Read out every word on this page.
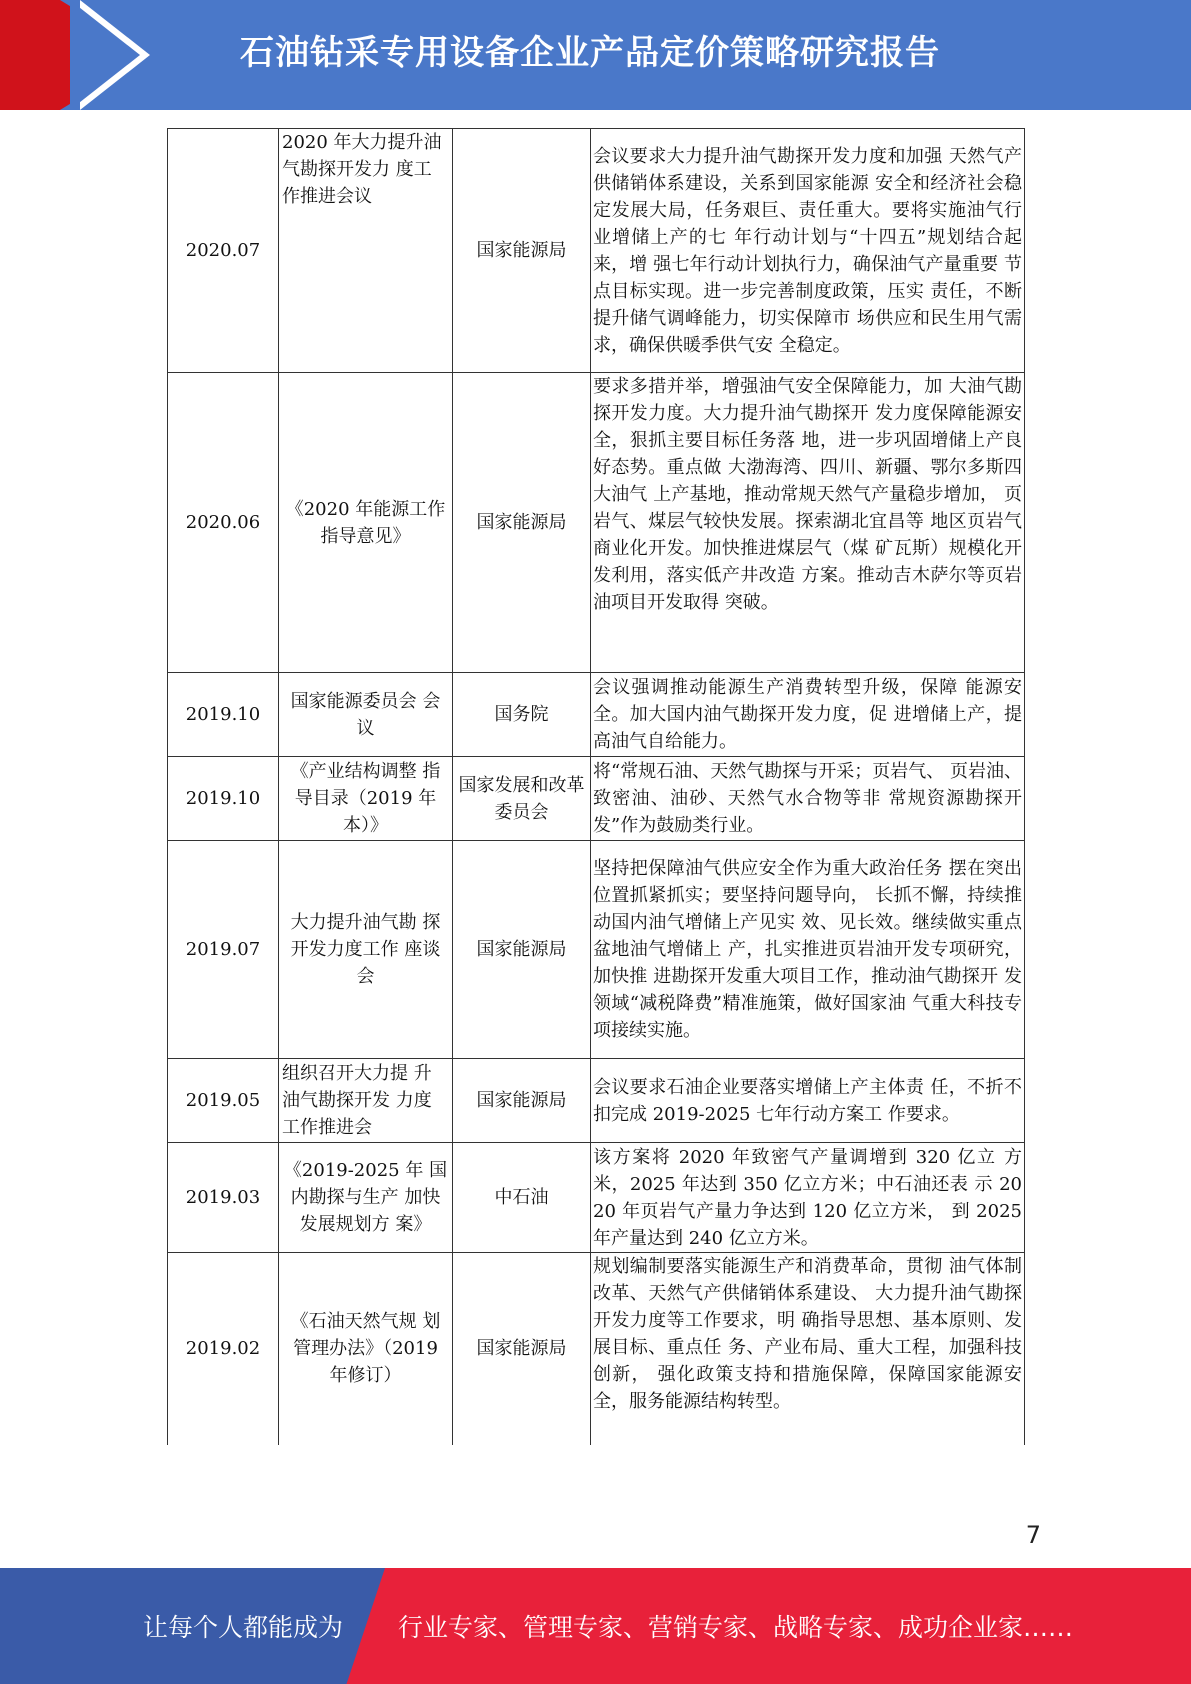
石油钻采专用设备企业产品定价策略研究报告
2020.07	2020 年大力提升油气勘探开发力 度工作推进会议	国家能源局	会议要求大力提升油气勘探开发力度和加强 天然气产供储销体系建设，关系到国家能源 安全和经济社会稳定发展大局，任务艰巨、责任重大。要将实施油气行业增储上产的七 年行动计划与“十四五”规划结合起来，增 强七年行动计划执行力，确保油气产量重要 节点目标实现。进一步完善制度政策，压实 责任，不断提升储气调峰能力，切实保障市 场供应和民生用气需求，确保供暖季供气安 全稳定。
2020.06	《2020 年能源工作指导意见》	国家能源局	要求多措并举，增强油气安全保障能力，加 大油气勘探开发力度。大力提升油气勘探开 发力度保障能源安全，狠抓主要目标任务落 地，进一步巩固增储上产良好态势。重点做 大渤海湾、四川、新疆、鄂尔多斯四大油气 上产基地，推动常规天然气产量稳步增加， 页岩气、煤层气较快发展。探索湖北宜昌等 地区页岩气商业化开发。加快推进煤层气（煤 矿瓦斯）规模化开发利用，落实低产井改造 方案。推动吉木萨尔等页岩油项目开发取得 突破。
2019.10	国家能源委员会 会议	国务院	会议强调推动能源生产消费转型升级，保障 能源安全。加大国内油气勘探开发力度，促 进增储上产，提高油气自给能力。
2019.10	《产业结构调整 指导目录（2019 年本）》	国家发展和改革委员会	将“常规石油、天然气勘探与开采；页岩气、 页岩油、致密油、油砂、天然气水合物等非 常规资源勘探开发”作为鼓励类行业。
2019.07	大力提升油气勘 探开发力度工作 座谈会	国家能源局	坚持把保障油气供应安全作为重大政治任务 摆在突出位置抓紧抓实；要坚持问题导向， 长抓不懈，持续推动国内油气增储上产见实 效、见长效。继续做实重点盆地油气增储上 产，扎实推进页岩油开发专项研究，加快推 进勘探开发重大项目工作，推动油气勘探开 发领域“减税降费”精准施策，做好国家油 气重大科技专项接续实施。
2019.05	组织召开大力提 升油气勘探开发 力度工作推进会	国家能源局	会议要求石油企业要落实增储上产主体责 任，不折不扣完成 2019-2025 七年行动方案工 作要求。
2019.03	《2019-2025 年 国内勘探与生产 加快发展规划方 案》	中石油	该方案将 2020 年致密气产量调增到 320 亿立 方米，2025 年达到 350 亿立方米；中石油还表 示 2020 年页岩气产量力争达到 120 亿立方米， 到 2025 年产量达到 240 亿立方米。
2019.02	《石油天然气规 划管理办法》（2019 年修订）	国家能源局	规划编制要落实能源生产和消费革命，贯彻 油气体制改革、天然气产供储销体系建设、 大力提升油气勘探开发力度等工作要求，明 确指导思想、基本原则、发展目标、重点任 务、产业布局、重大工程，加强科技创新， 强化政策支持和措施保障，保障国家能源安 全，服务能源结构转型。
7
让每个人都能成为 行业专家、管理专家、营销专家、战略专家、成功企业家……
